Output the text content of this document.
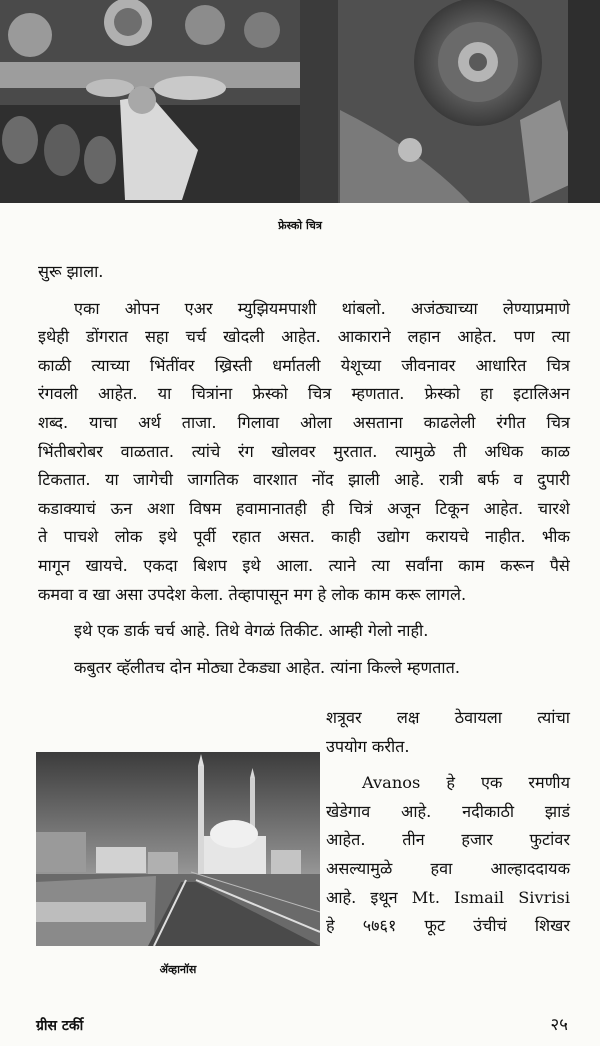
फ्रेस्को चित्र
सुरू झाला.
एका ओपन एअर म्युझियमपाशी थांबलो. अजंठ्याच्या लेण्याप्रमाणे
इथेही डोंगरात सहा चर्च खोदली आहेत. आकाराने लहान आहेत. पण त्या
काळी त्याच्या भिंतींवर ख्रिस्ती धर्मातली येशूच्या जीवनावर आधारित चित्र
रंगवली आहेत. या चित्रांना फ्रेस्को चित्र म्हणतात. फ्रेस्को हा इटालिअन
शब्द. याचा अर्थ ताजा. गिलावा ओला असताना काढलेली रंगीत चित्र
भिंतीबरोबर वाळतात. त्यांचे रंग खोलवर मुरतात. त्यामुळे ती अधिक काळ
टिकतात. या जागेची जागतिक वारशात नोंद झाली आहे. रात्री बर्फ व दुपारी
कडाक्याचं ऊन अशा विषम हवामानातही ही चित्रं अजून टिकून आहेत. चारशे
ते पाचशे लोक इथे पूर्वी रहात असत. काही उद्योग करायचे नाहीत. भीक
मागून खायचे. एकदा बिशप इथे आला. त्याने त्या सर्वांना काम करून पैसे
कमवा व खा असा उपदेश केला. तेव्हापासून मग हे लोक काम करू लागले.
इथे एक डार्क चर्च आहे. तिथे वेगळं तिकीट. आम्ही गेलो नाही.
कबुतर व्हॅलीतच दोन मोठ्या टेकड्या आहेत. त्यांना किल्ले म्हणतात.
शत्रूवर लक्ष ठेवायला त्यांचा
उपयोग करीत.
Avanos हे एक रमणीय
खेडेगाव आहे. नदीकाठी झाडं
आहेत. तीन हजार फुटांवर
असल्यामुळे हवा आल्हाददायक
आहे. इथून Mt. Ismail Sivrisi
हे ५७६१ फूट उंचीचं शिखर
ॲव्हानॉस
ग्रीस टर्की	२५
